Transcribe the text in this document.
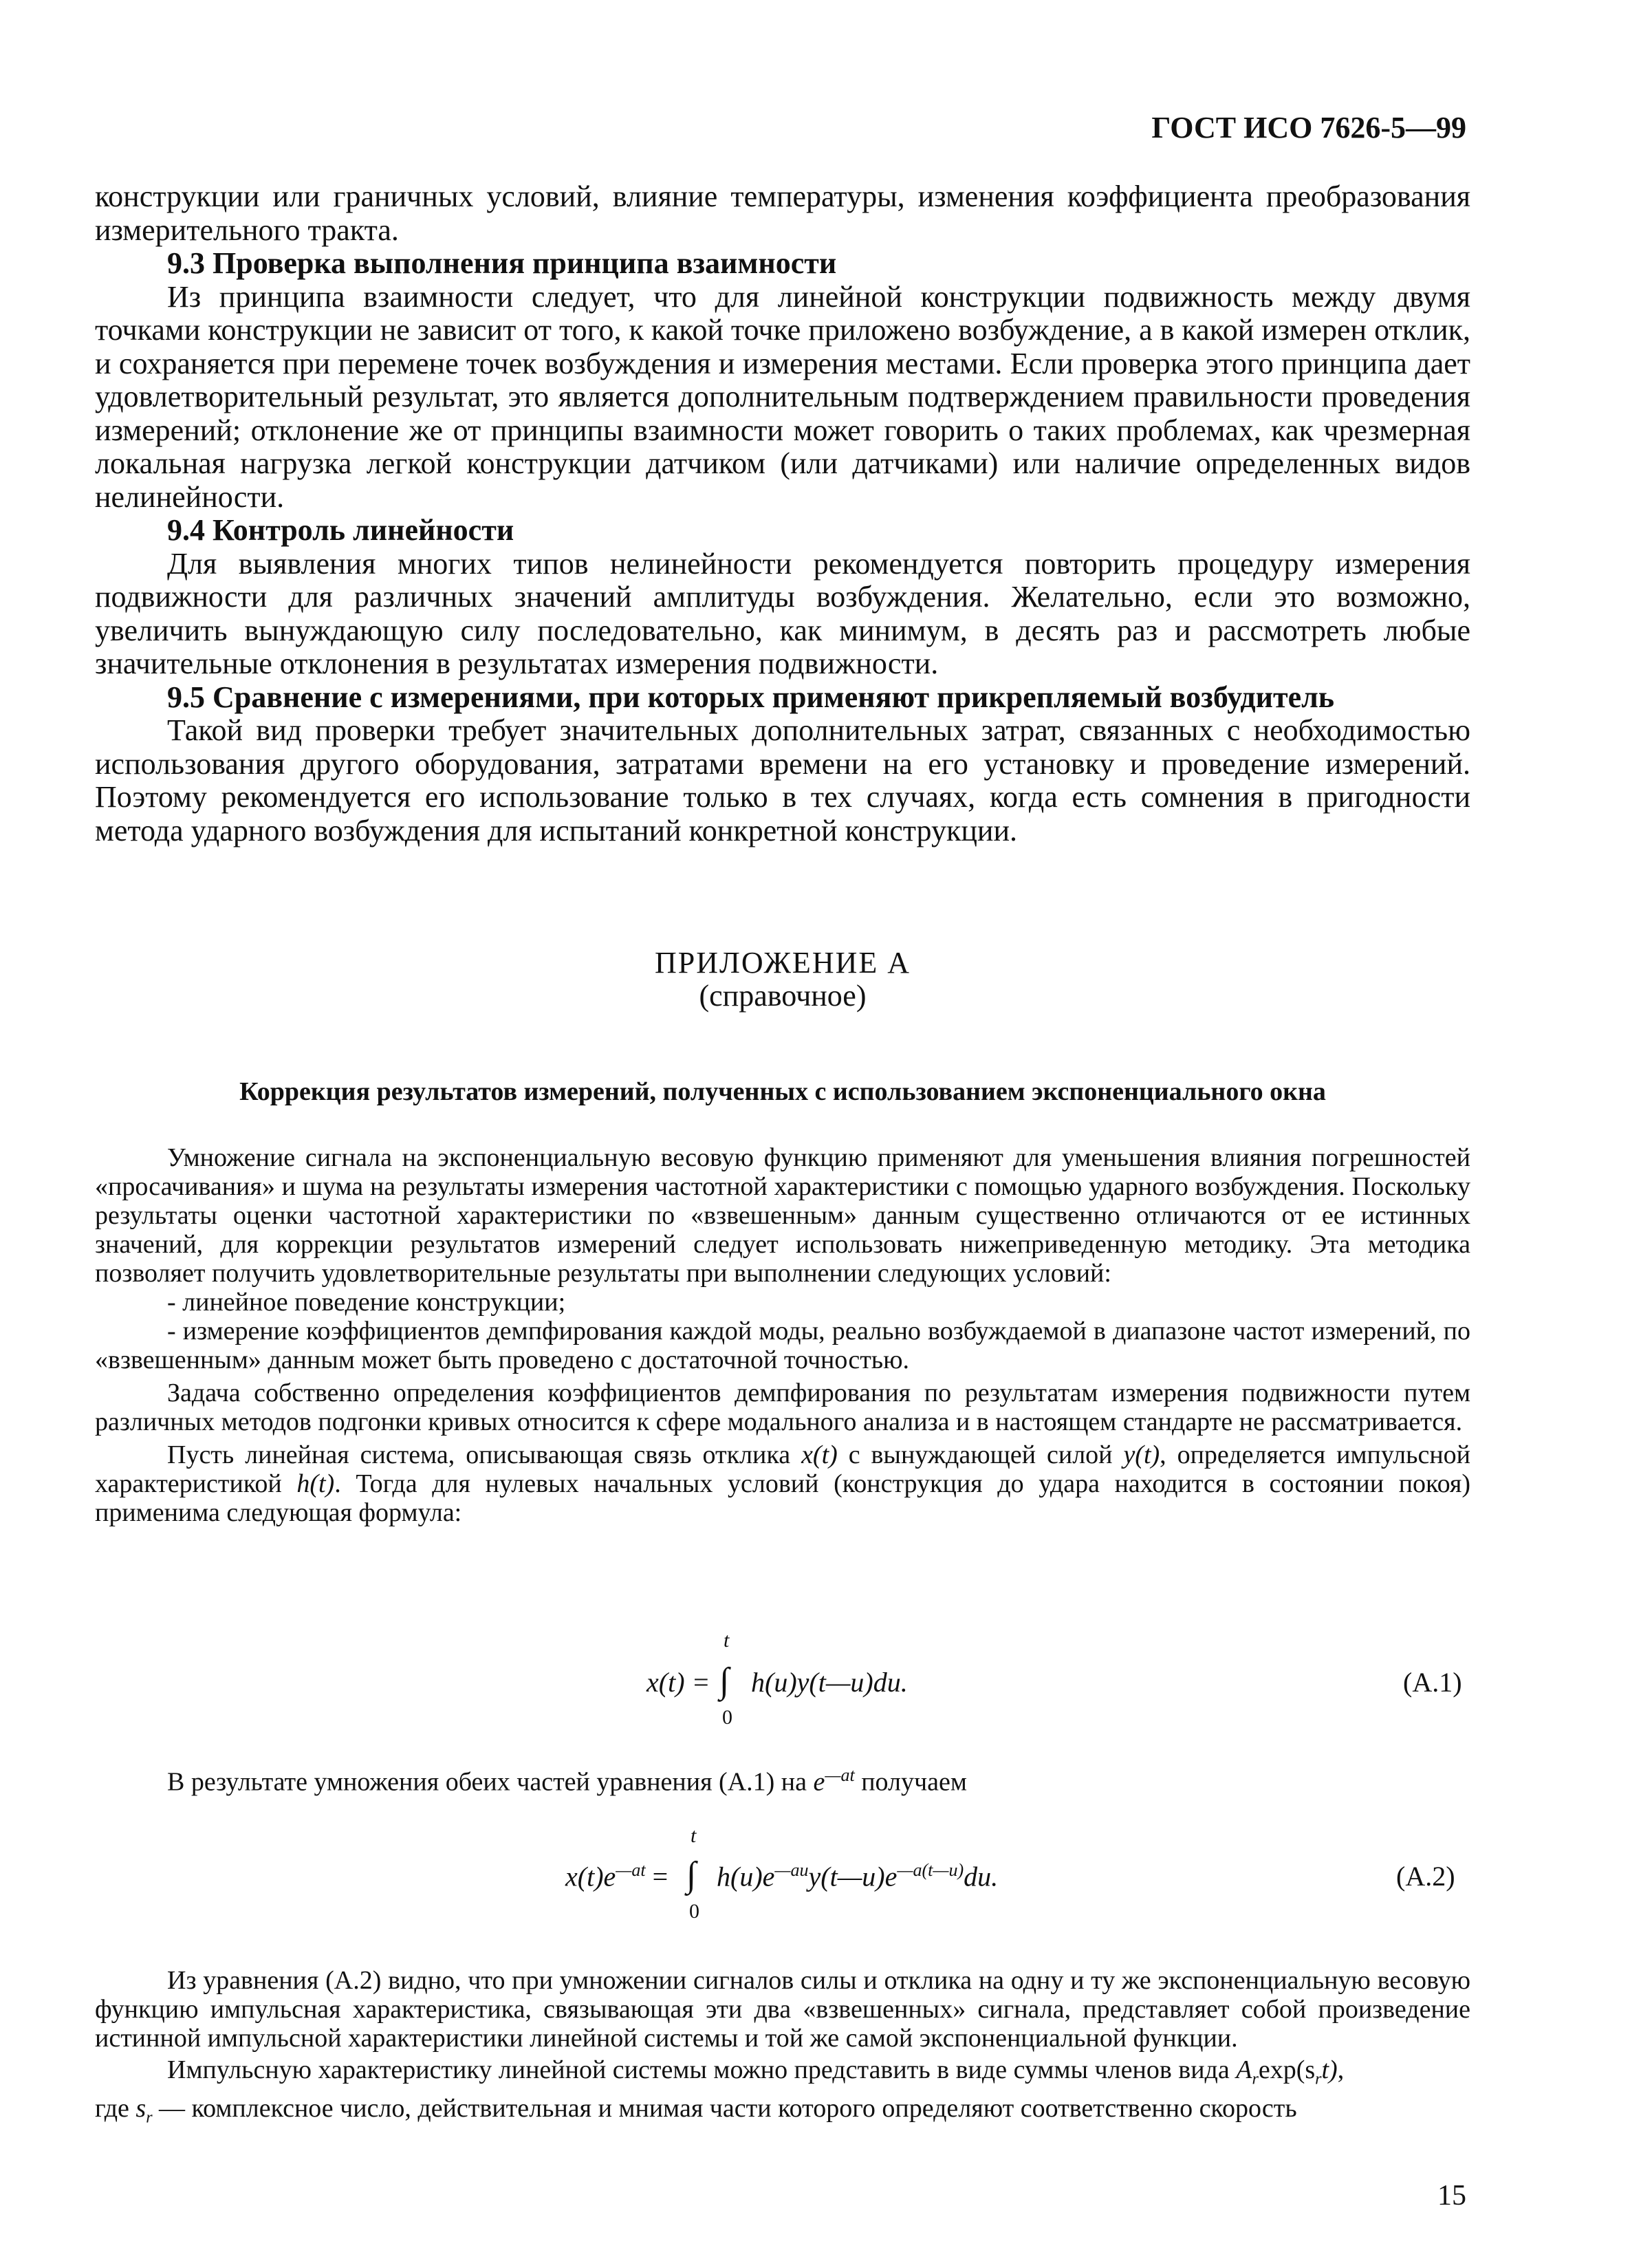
ГОСТ ИСО 7626-5—99

конструкции или граничных условий, влияние температуры, изменения коэффициента преобразования измерительного тракта.

9.3 Проверка выполнения принципа взаимности

Из принципа взаимности следует, что для линейной конструкции подвижность между двумя точками конструкции не зависит от того, к какой точке приложено возбуждение, а в какой измерен отклик, и сохраняется при перемене точек возбуждения и измерения местами. Если проверка этого принципа дает удовлетворительный результат, это является дополнительным подтверждением правильности проведения измерений; отклонение же от принципы взаимности может говорить о таких проблемах, как чрезмерная локальная нагрузка легкой конструкции датчиком (или датчиками) или наличие определенных видов нелинейности.

9.4 Контроль линейности

Для выявления многих типов нелинейности рекомендуется повторить процедуру измерения подвижности для различных значений амплитуды возбуждения. Желательно, если это возможно, увеличить вынуждающую силу последовательно, как минимум, в десять раз и рассмотреть любые значительные отклонения в результатах измерения подвижности.

9.5 Сравнение с измерениями, при которых применяют прикрепляемый возбудитель

Такой вид проверки требует значительных дополнительных затрат, связанных с необходимостью использования другого оборудования, затратами времени на его установку и проведение измерений. Поэтому рекомендуется его использование только в тех случаях, когда есть сомнения в пригодности метода ударного возбуждения для испытаний конкретной конструкции.

ПРИЛОЖЕНИЕ А
(справочное)
Коррекция результатов измерений, полученных с использованием экспоненциального окна

Умножение сигнала на экспоненциальную весовую функцию применяют для уменьшения влияния погрешностей «просачивания» и шума на результаты измерения частотной характеристики с помощью ударного возбуждения. Поскольку результаты оценки частотной характеристики по «взвешенным» данным существенно отличаются от ее истинных значений, для коррекции результатов измерений следует использовать нижеприведенную методику. Эта методика позволяет получить удовлетворительные результаты при выполнении следующих условий:

- линейное поведение конструкции;

- измерение коэффициентов демпфирования каждой моды, реально возбуждаемой в диапазоне частот измерений, по «взвешенным» данным может быть проведено с достаточной точностью.

Задача собственно определения коэффициентов демпфирования по результатам измерения подвижности путем различных методов подгонки кривых относится к сфере модального анализа и в настоящем стандарте не рассматривается.

Пусть линейная система, описывающая связь отклика x(t) с вынуждающей силой y(t), определяется импульсной характеристикой h(t). Тогда для нулевых начальных условий (конструкция до удара находится в состоянии покоя) применима следующая формула:

t
x(t) = ∫ h(u)y(t—u)du.
0
(A.1)

В результате умножения обеих частей уравнения (A.1) на $e^{—at}$ получаем

t
$x(t)e^{—at}$ = ∫ $h(u)e^{—au}y(t—u)e^{—a(t—u)}du$.
0
(A.2)

Из уравнения (A.2) видно, что при умножении сигналов силы и отклика на одну и ту же экспоненциальную весовую функцию импульсная характеристика, связывающая эти два «взвешенных» сигнала, представляет собой произведение истинной импульсной характеристики линейной системы и той же самой экспоненциальной функции.

Импульсную характеристику линейной системы можно представить в виде суммы членов вида $A_r\exp(s_rt)$,

где $s_r$ — комплексное число, действительная и мнимая части которого определяют соответственно скорость

15
